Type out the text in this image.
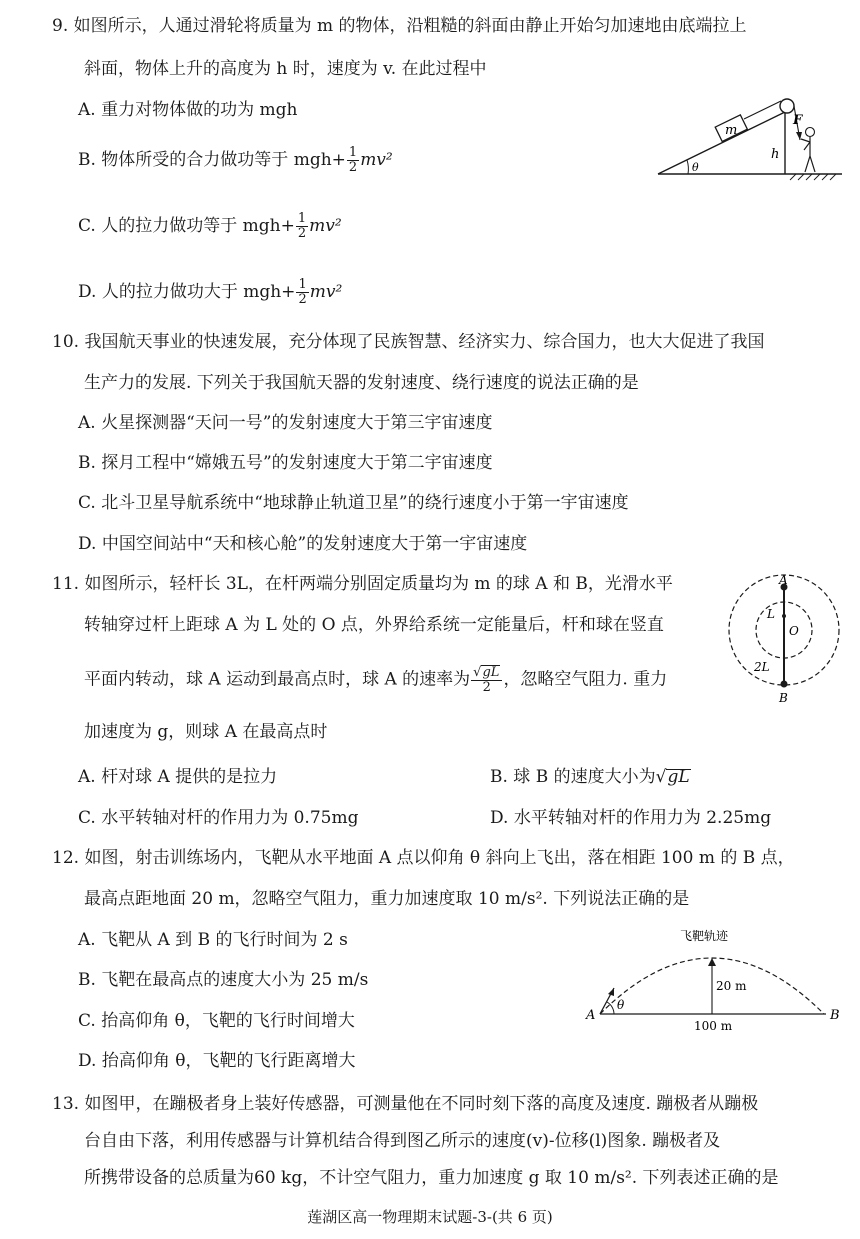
9. 如图所示，人通过滑轮将质量为 m 的物体，沿粗糙的斜面由静止开始匀加速地由底端拉上
斜面，物体上升的高度为 h 时，速度为 v. 在此过程中
A. 重力对物体做的功为 mgh
B. 物体所受的合力做功等于 $mgh+ \frac{1}{2} mv^2$
C. 人的拉力做功等于 $mgh+ \frac{1}{2} mv^2$
D. 人的拉力做功大于 $mgh+ \frac{1}{2} mv^2$
θ
m
F
h
10. 我国航天事业的快速发展，充分体现了民族智慧、经济实力、综合国力，也大大促进了我国
生产力的发展. 下列关于我国航天器的发射速度、绕行速度的说法正确的是
A. 火星探测器“天问一号”的发射速度大于第三宇宙速度
B. 探月工程中“嫦娥五号”的发射速度大于第二宇宙速度
C. 北斗卫星导航系统中“地球静止轨道卫星”的绕行速度小于第一宇宙速度
D. 中国空间站中“天和核心舱”的发射速度大于第一宇宙速度
11. 如图所示，轻杆长 3L，在杆两端分别固定质量均为 m 的球 A 和 B，光滑水平
转轴穿过杆上距球 A 为 L 处的 O 点，外界给系统一定能量后，杆和球在竖直
平面内转动，球 A 运动到最高点时，球 A 的速率为 $\frac{√gL}{2}$ ，忽略空气阻力. 重力
加速度为 g，则球 A 在最高点时
A. 杆对球 A 提供的是拉力	B. 球 B 的速度大小为√gL
C. 水平转轴对杆的作用力为 0.75mg	D. 水平转轴对杆的作用力为 2.25mg
A
B
O
L
2L
12. 如图，射击训练场内，飞靶从水平地面 A 点以仰角 θ 斜向上飞出，落在相距 100 m 的 B 点，
最高点距地面 20 m，忽略空气阻力，重力加速度取 10 m/s². 下列说法正确的是
A. 飞靶从 A 到 B 的飞行时间为 2 s
B. 飞靶在最高点的速度大小为 25 m/s
C. 抬高仰角 θ，飞靶的飞行时间增大
D. 抬高仰角 θ，飞靶的飞行距离增大
飞靶轨迹
20 m
100 m
θ
A	B
13. 如图甲，在蹦极者身上装好传感器，可测量他在不同时刻下落的高度及速度. 蹦极者从蹦极
台自由下落，利用传感器与计算机结合得到图乙所示的速度(v)-位移(l)图象. 蹦极者及
所携带设备的总质量为60 kg，不计空气阻力，重力加速度 g 取 10 m/s². 下列表述正确的是
莲湖区高一物理期末试题-3-(共 6 页)
